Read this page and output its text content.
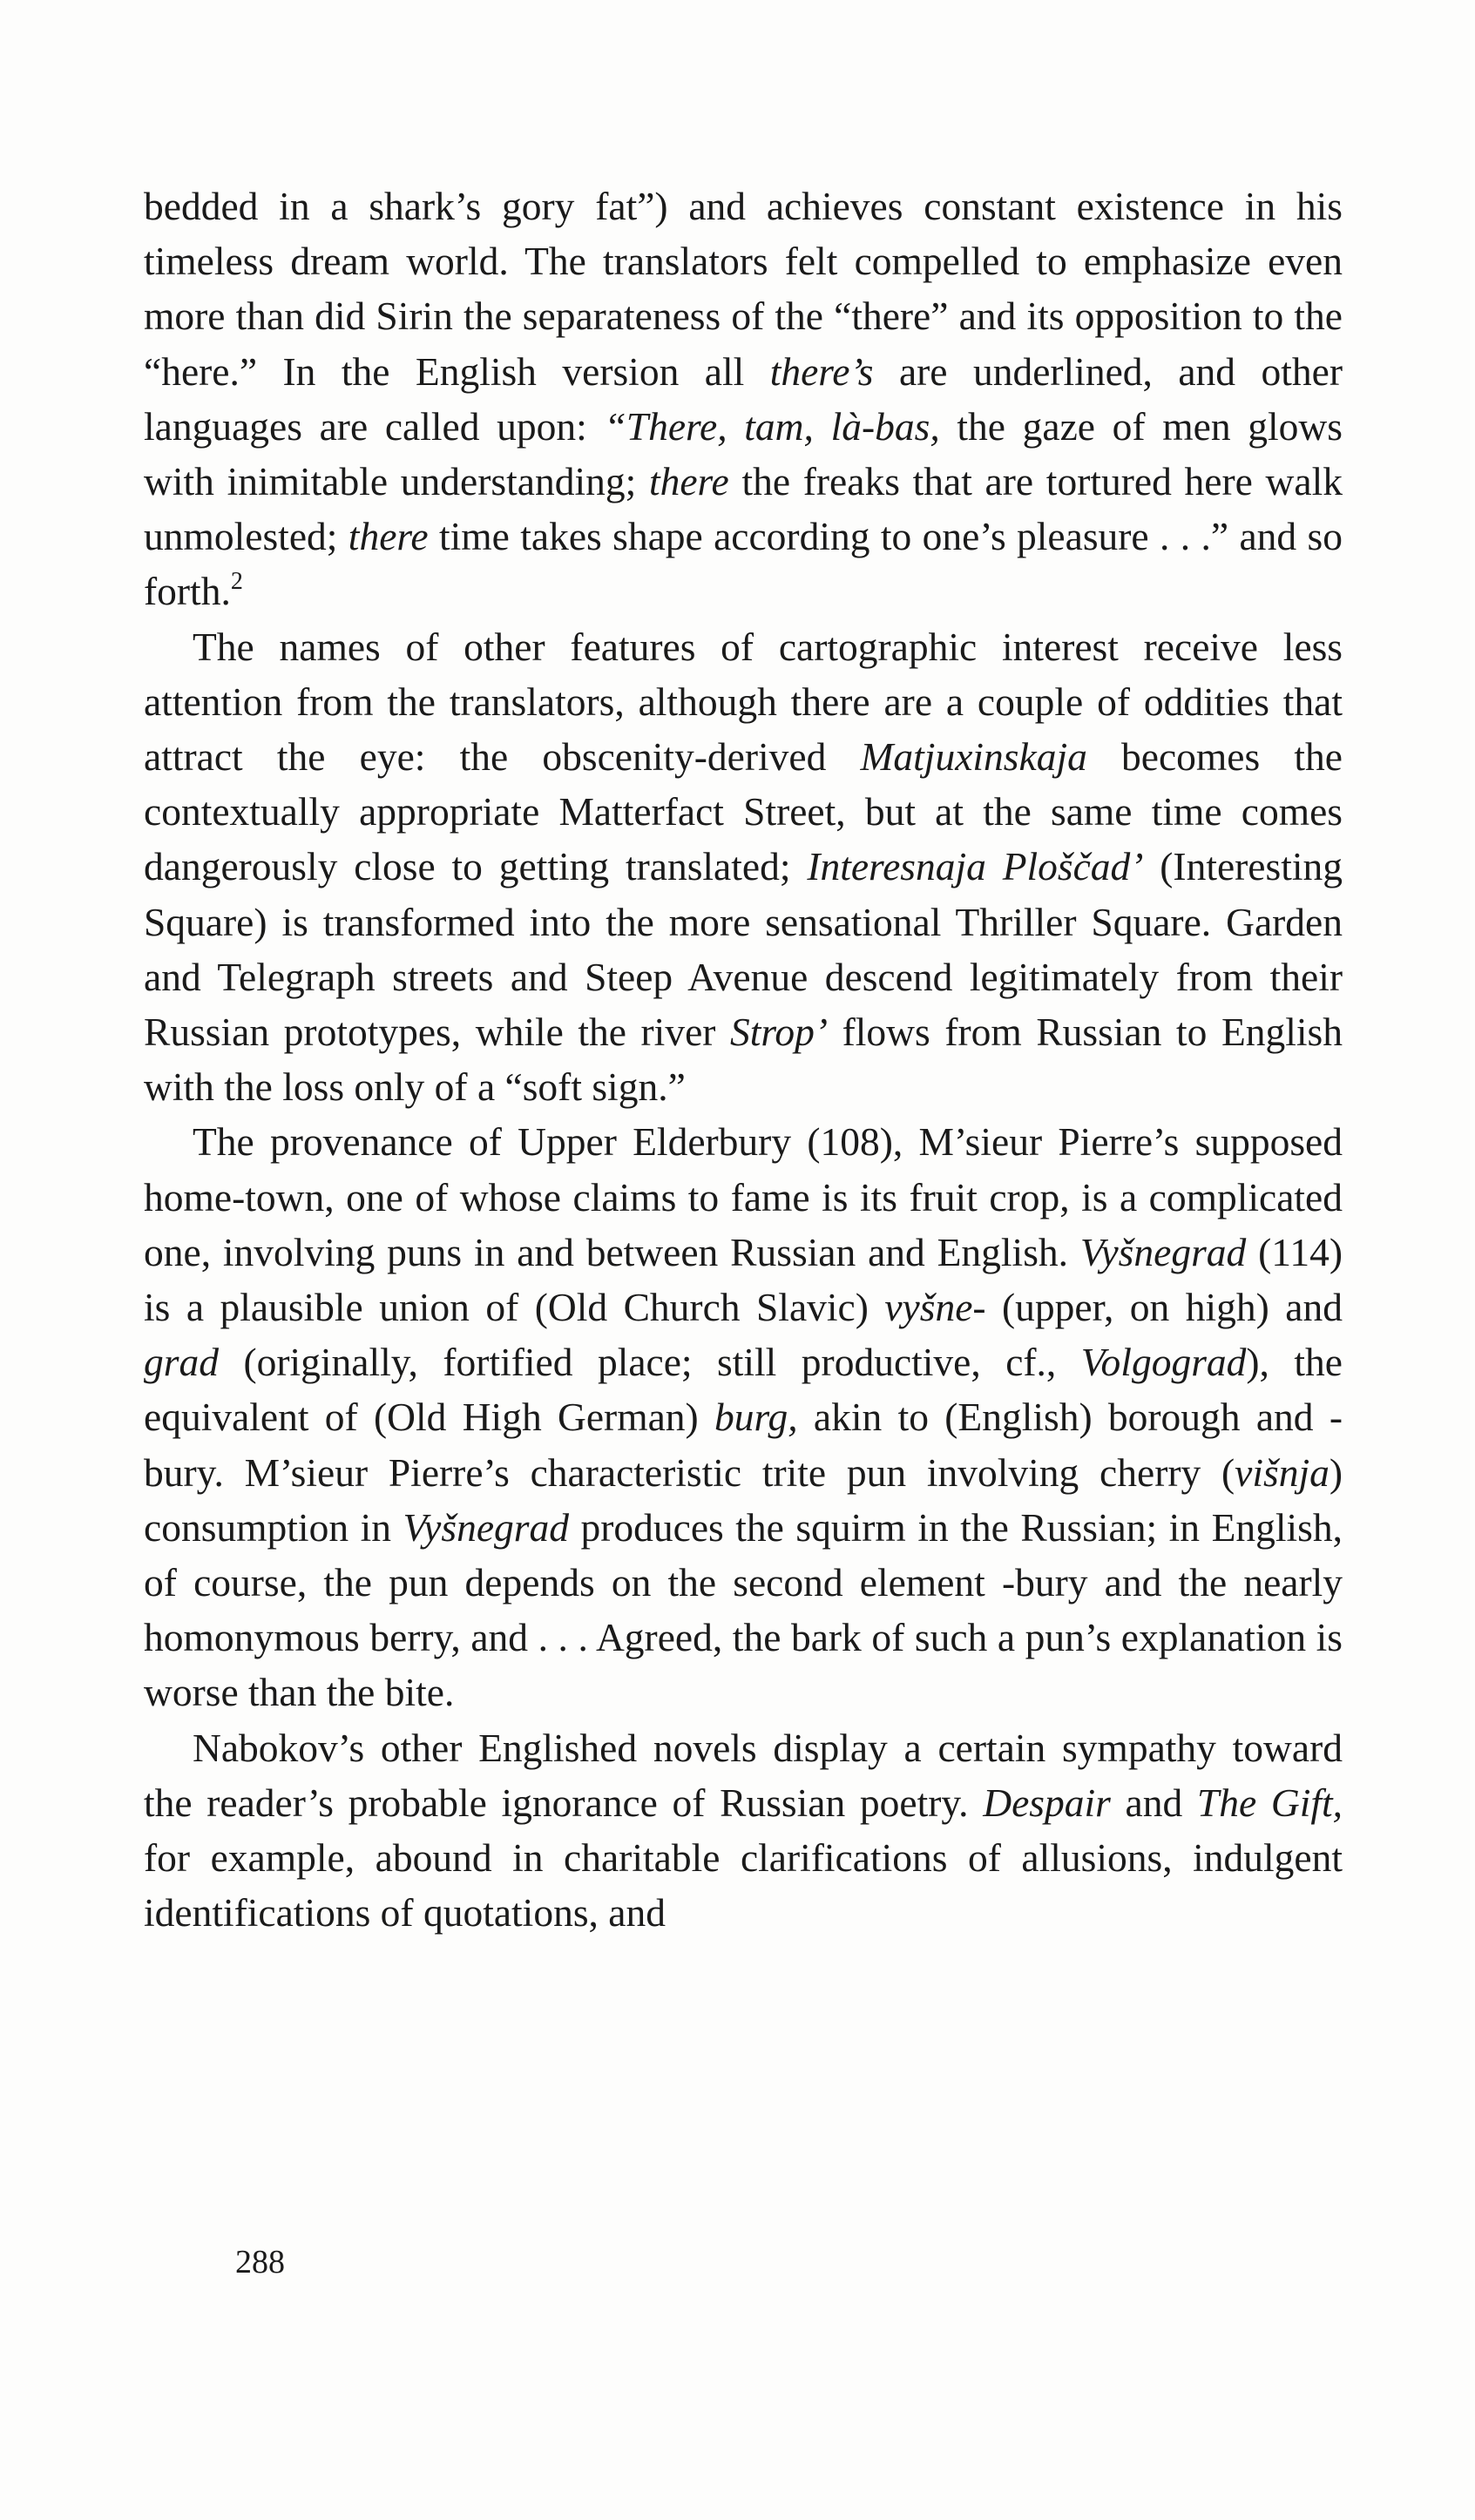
bedded in a shark’s gory fat”) and achieves constant existence in his timeless dream world. The translators felt compelled to emphasize even more than did Sirin the separateness of the “there” and its opposition to the “here.” In the English version all there’s are underlined, and other languages are called upon: “There, tam, là-bas, the gaze of men glows with inimitable understanding; there the freaks that are tortured here walk unmolested; there time takes shape according to one’s pleasure . . .” and so forth.$^2$

The names of other features of cartographic interest receive less attention from the translators, although there are a couple of oddities that attract the eye: the obscenity-derived Matjuxinskaja becomes the contextually appropriate Matterfact Street, but at the same time comes dangerously close to getting translated; Interesnaja Ploščad’ (Interesting Square) is transformed into the more sensational Thriller Square. Garden and Telegraph streets and Steep Avenue descend legitimately from their Russian prototypes, while the river Strop’ flows from Russian to English with the loss only of a “soft sign.”

The provenance of Upper Elderbury (108), M’sieur Pierre’s supposed home-town, one of whose claims to fame is its fruit crop, is a complicated one, involving puns in and between Russian and English. Vyšnegrad (114) is a plausible union of (Old Church Slavic) vyšne- (upper, on high) and grad (originally, fortified place; still productive, cf., Volgograd), the equivalent of (Old High German) burg, akin to (English) borough and -bury. M’sieur Pierre’s characteristic trite pun involving cherry (višnja) consumption in Vyšnegrad produces the squirm in the Russian; in English, of course, the pun depends on the second element -bury and the nearly homonymous berry, and . . . Agreed, the bark of such a pun’s explanation is worse than the bite.

Nabokov’s other Englished novels display a certain sympathy toward the reader’s probable ignorance of Russian poetry. Despair and The Gift, for example, abound in charitable clarifications of allusions, indulgent identifications of quotations, and

288
